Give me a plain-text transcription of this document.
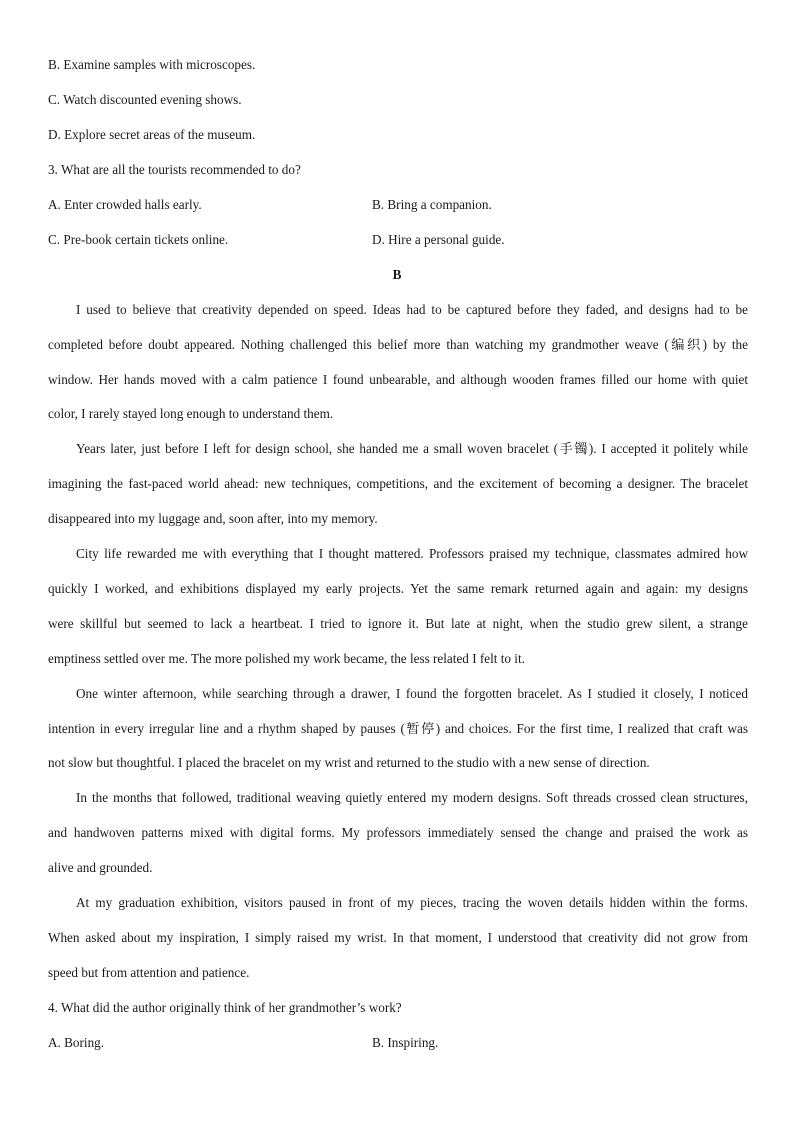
B. Examine samples with microscopes.
C. Watch discounted evening shows.
D. Explore secret areas of the museum.
3. What are all the tourists recommended to do?
A. Enter crowded halls early.	B. Bring a companion.
C. Pre-book certain tickets online.	D. Hire a personal guide.
B
I used to believe that creativity depended on speed. Ideas had to be captured before they faded, and designs had to be
completed before doubt appeared. Nothing challenged this belief more than watching my grandmother weave (编织) by the
window. Her hands moved with a calm patience I found unbearable, and although wooden frames filled our home with quiet
color, I rarely stayed long enough to understand them.
Years later, just before I left for design school, she handed me a small woven bracelet (手镯). I accepted it politely while
imagining the fast-paced world ahead: new techniques, competitions, and the excitement of becoming a designer. The bracelet
disappeared into my luggage and, soon after, into my memory.
City life rewarded me with everything that I thought mattered. Professors praised my technique, classmates admired how
quickly I worked, and exhibitions displayed my early projects. Yet the same remark returned again and again: my designs
were skillful but seemed to lack a heartbeat. I tried to ignore it. But late at night, when the studio grew silent, a strange
emptiness settled over me. The more polished my work became, the less related I felt to it.
One winter afternoon, while searching through a drawer, I found the forgotten bracelet. As I studied it closely, I noticed
intention in every irregular line and a rhythm shaped by pauses (暂停) and choices. For the first time, I realized that craft was
not slow but thoughtful. I placed the bracelet on my wrist and returned to the studio with a new sense of direction.
In the months that followed, traditional weaving quietly entered my modern designs. Soft threads crossed clean structures,
and handwoven patterns mixed with digital forms. My professors immediately sensed the change and praised the work as
alive and grounded.
At my graduation exhibition, visitors paused in front of my pieces, tracing the woven details hidden within the forms.
When asked about my inspiration, I simply raised my wrist. In that moment, I understood that creativity did not grow from
speed but from attention and patience.
4. What did the author originally think of her grandmother’s work?
A. Boring.	B. Inspiring.
